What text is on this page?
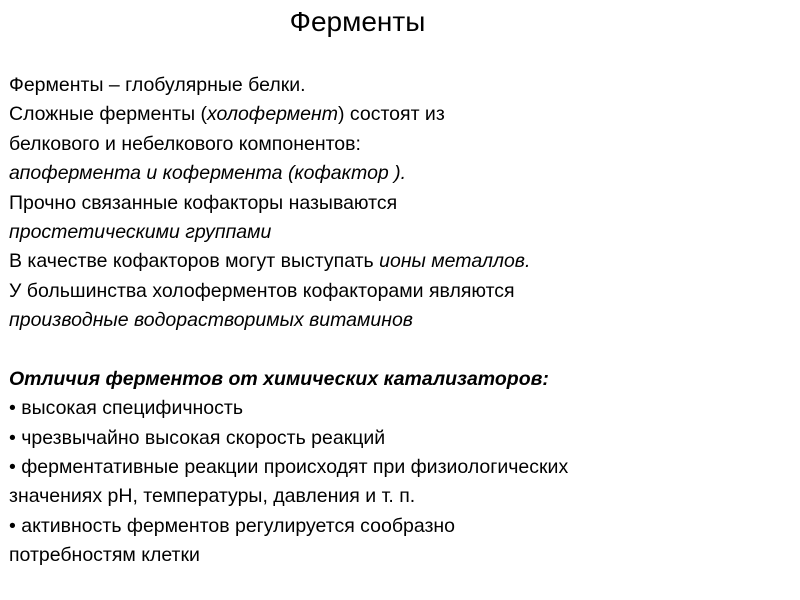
Ферменты
Ферменты – глобулярные белки.
Сложные ферменты (холофермент) состоят из
белкового и небелкового компонентов:
апофермента и кофермента (кофактор ).
Прочно связанные кофакторы называются
простетическими группами
В качестве кофакторов могут выступать ионы металлов.
У большинства холоферментов кофакторами являются
производные водорастворимых витаминов
Отличия ферментов от химических катализаторов:
• высокая специфичность
• чрезвычайно высокая скорость реакций
• ферментативные реакции происходят при физиологических
значениях pH, температуры, давления и т. п.
• активность ферментов регулируется сообразно
потребностям клетки
